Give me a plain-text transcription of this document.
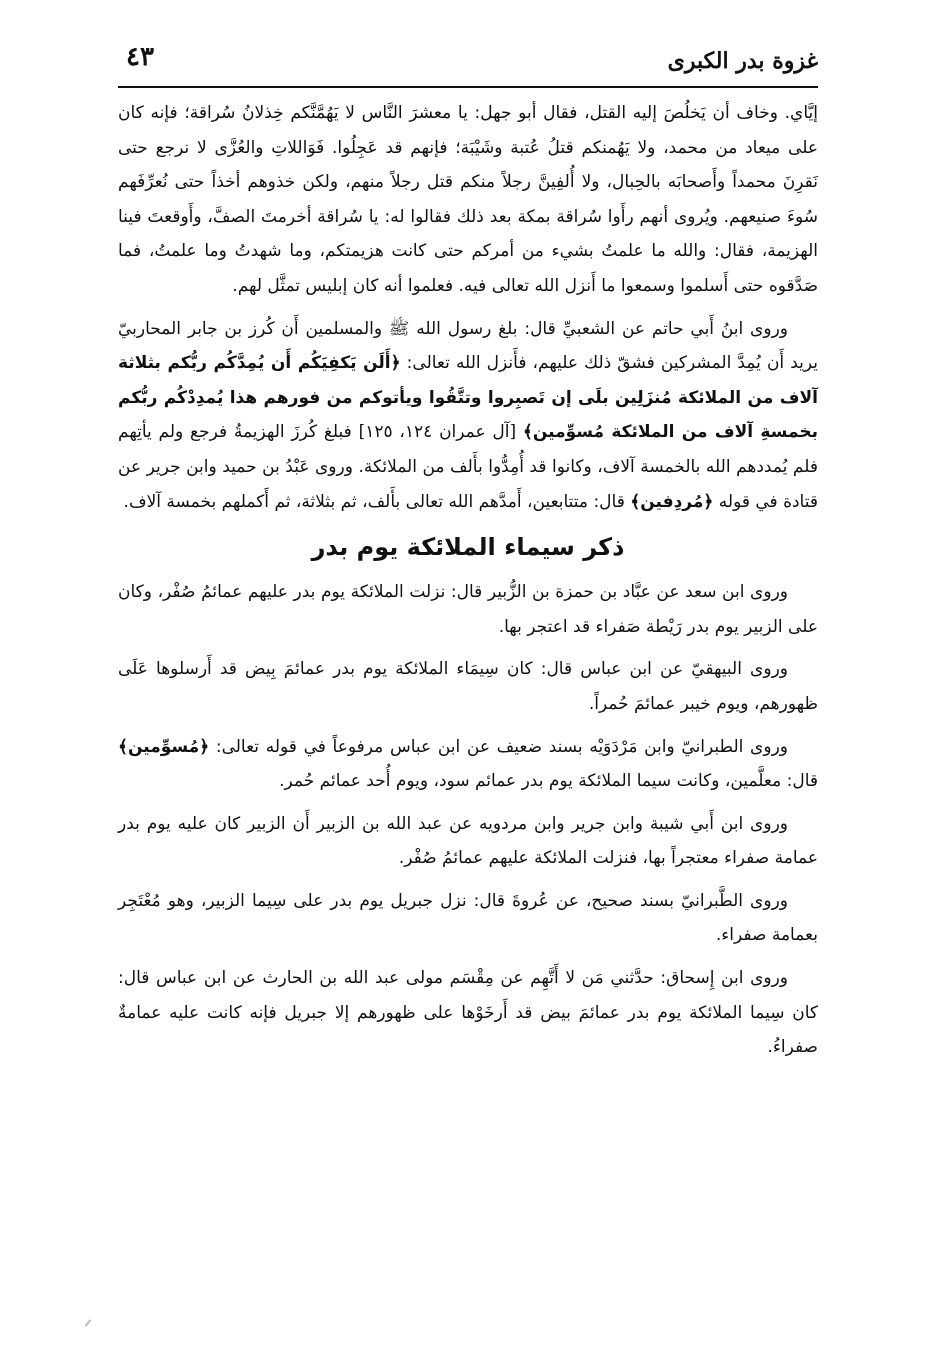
غزوة بدر الكبرى
٤٣

إيَّاي. وخاف أن يَخلُصَ إليه القتل، فقال أبو جهل: يا معشرَ النَّاس لا يَهُمَّنَّكم خِذلانُ سُراقة؛ فإنه كان على ميعاد من محمد، ولا يَهُمنكم قتلُ عُتبة وشَيْبَة؛ فإنهم قد عَجِلُوا. فَوَاللاتِ والعُزَّى لا نرجع حتى نَقرِنَ محمداً وأَصحابَه بالحِبال، ولا أُلفِينَّ رجلاً منكم قتل رجلاً منهم، ولكن خذوهم أخذاً حتى نُعرِّفَهم سُوءَ صنيعهم. ويُروى أنهم رأَوا سُراقة بمكة بعد ذلك فقالوا له: يا سُراقة أخرمتَ الصفَّ، وأَوقعتَ فينا الهزيمة، فقال: والله ما علمتُ بشيء من أمركم حتى كانت هزيمتكم، وما شهدتُ وما علمتُ، فما صَدَّقوه حتى أَسلموا وسمعوا ما أَنزل الله تعالى فيه. فعلموا أنه كان إبليس تمثَّل لهم.

وروى ابنُ أَبي حاتم عن الشعبيِّ قال: بلغ رسول الله ﷺ والمسلمين أَن كُرز بن جابر المحاربيّ يريد أَن يُمِدَّ المشركين فشقّ ذلك عليهم، فأَنزل الله تعالى: ﴿أَلَن يَكفِيَكُم أَن يُمِدَّكُم ربُّكم بثلاثة آلاف من الملائكة مُنزَلِين بلَى إن تَصبِروا وتتَّقُوا ويأتوكم من فورهم هذا يُمدِدْكُم ربُّكم بخمسةِ آلاف من الملائكة مُسوِّمين﴾ [آل عمران ١٢٤، ١٢٥] فبلغ كُرزَ الهزيمةُ فرجع ولم يأتِهم فلم يُمددهم الله بالخمسة آلاف، وكانوا قد أُمِدُّوا بأَلف من الملائكة. وروى عَبْدُ بن حميد وابن جرير عن قتادة في قوله ﴿مُردِفين﴾ قال: متتابعين، أَمدَّهم الله تعالى بأَلف، ثم بثلاثة، ثم أَكملهم بخمسة آلاف.

ذكر سيماء الملائكة يوم بدر

وروى ابن سعد عن عبَّاد بن حمزة بن الزُّبير قال: نزلت الملائكة يوم بدر عليهم عمائمُ صُفْر، وكان على الزبير يوم بدر رَيْطة صَفراء قد اعتجر بها.

وروى البيهقيّ عن ابن عباس قال: كان سِيمَاء الملائكة يوم بدر عمائمَ بِيض قد أَرسلوها عَلَى ظهورهم، ويوم خيبر عمائمَ حُمراً.

وروى الطبرانيّ وابن مَرْدَوَيْه بسند ضعيف عن ابن عباس مرفوعاً في قوله تعالى: ﴿مُسوِّمين﴾ قال: معلَّمين، وكانت سيما الملائكة يوم بدر عمائم سود، ويوم أُحد عمائم حُمر.

وروى ابن أَبي شيبة وابن جرير وابن مردويه عن عبد الله بن الزبير أَن الزبير كان عليه يوم بدر عمامة صفراء معتجراً بها، فنزلت الملائكة عليهم عمائمُ صُفْر.

وروى الطَّبرانيّ بسند صحيح، عن عُروةَ قال: نزل جبريل يوم بدر على سِيما الزبير، وهو مُعْتَجِر بعمامة صفراء.

وروى ابن إِسحاق: حدَّثني مَن لا أَتَّهِم عن مِقْسَم مولى عبد الله بن الحارث عن ابن عباس قال: كان سِيما الملائكة يوم بدر عمائمَ بيض قد أَرخَوْها على ظهورهم إلا جبريل فإنه كانت عليه عمامةٌ صفراءُ.
